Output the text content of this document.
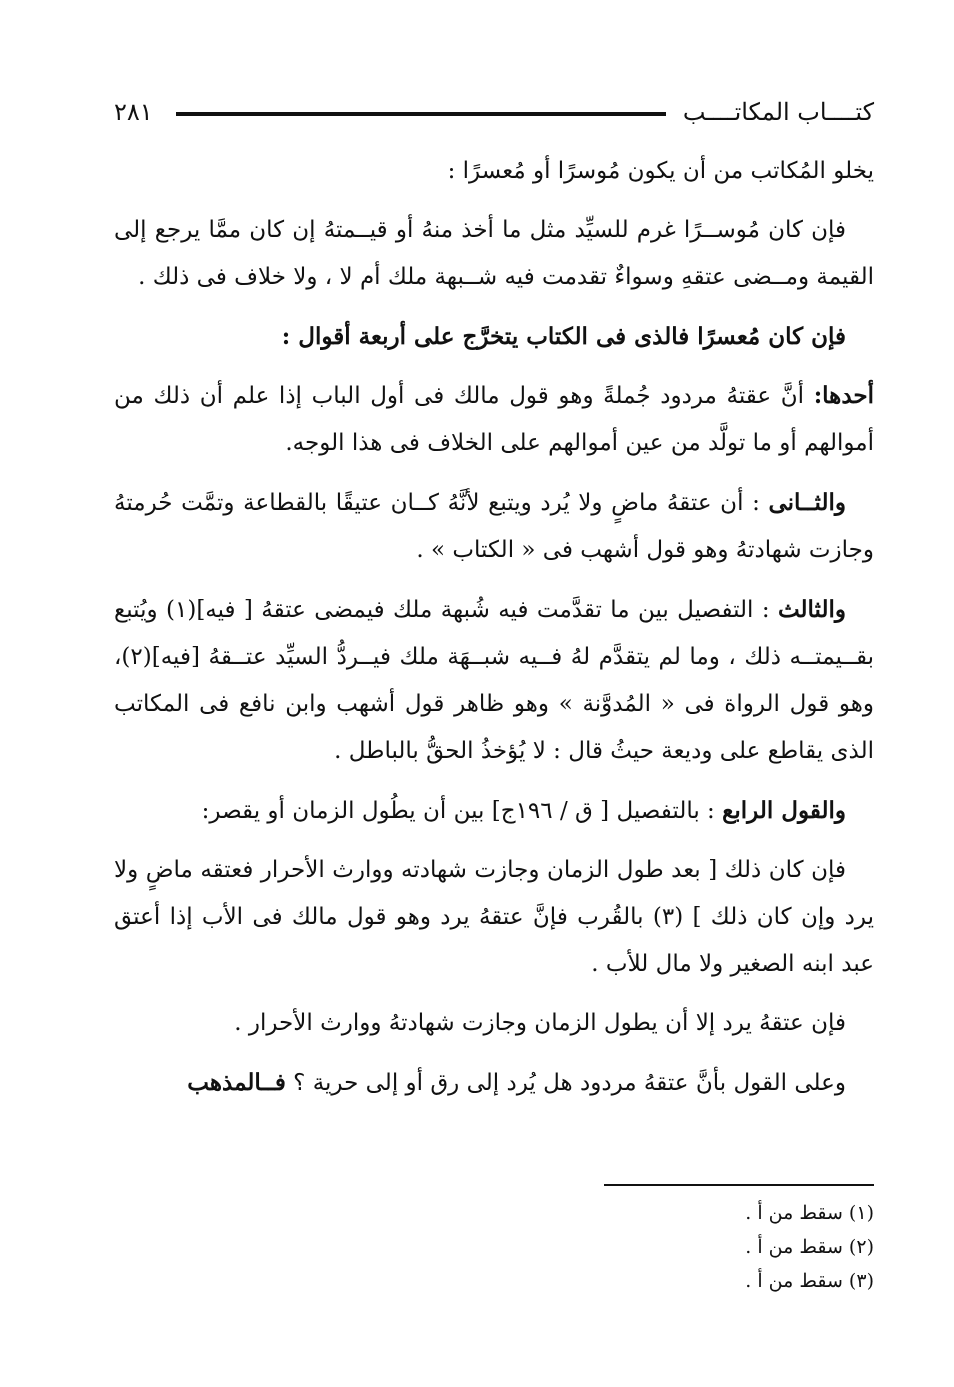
كتــــاب المكاتــــب
٢٨١

يخلو المُكاتب من أن يكون مُوسرًا أو مُعسرًا :

فإن كان مُوســرًا غرم للسيِّد مثل ما أخذ منهُ أو قيــمتهُ إن كان ممَّا يرجع إلى القيمة ومــضى عتقهِ وسواءٌ تقدمت فيه شــبهة ملك أم لا ، ولا خلاف فى ذلك .

فإن كان مُعسرًا فالذى فى الكتاب يتخرَّج على أربعة أقوال :

أحدها: أنَّ عقتهُ مردود جُملةً وهو قول مالك فى أول الباب إذا علم أن ذلك من أموالهم أو ما تولَّد من عين أموالهم على الخلاف فى هذا الوجه.

والثــانى : أن عتقهُ ماضٍ ولا يُرد ويتبع لأنَّهُ كــان عتيقًا بالقطاعة وتمَّت حُرمتهُ وجازت شهادتهُ وهو قول أشهب فى « الكتاب » .

والثالث : التفصيل بين ما تقدَّمت فيه شُبهة ملك فيمضى عتقهُ [ فيه](١) ويُتبع بقــيمتــه ذلك ، وما لم يتقدَّم لهُ فــيه شبــهَة ملك فيــردُّ السيِّد عتــقهُ [فيه](٢)، وهو قول الرواة فى « المُدوَّنة » وهو ظاهر قول أشهب وابن نافع فى المكاتب الذى يقاطع على وديعة حيثُ قال : لا يُؤخذُ الحقُّ بالباطل .

والقول الرابع : بالتفصيل [ ق / ١٩٦ج] بين أن يطُول الزمان أو يقصر:

فإن كان ذلك [ بعد طول الزمان وجازت شهادته ووارث الأحرار فعتقه ماضٍ ولا يرد وإن كان ذلك ] (٣) بالقُرب فإنَّ عتقهُ يرد وهو قول مالك فى الأب إذا أعتق عبد ابنه الصغير ولا مال للأب .

فإن عتقهُ يرد إلا أن يطول الزمان وجازت شهادتهُ ووارث الأحرار .

وعلى القول بأنَّ عتقهُ مردود هل يُرد إلى رق أو إلى حرية ؟ فــالمذهب

(١) سقط من أ .
(٢) سقط من أ .
(٣) سقط من أ .
